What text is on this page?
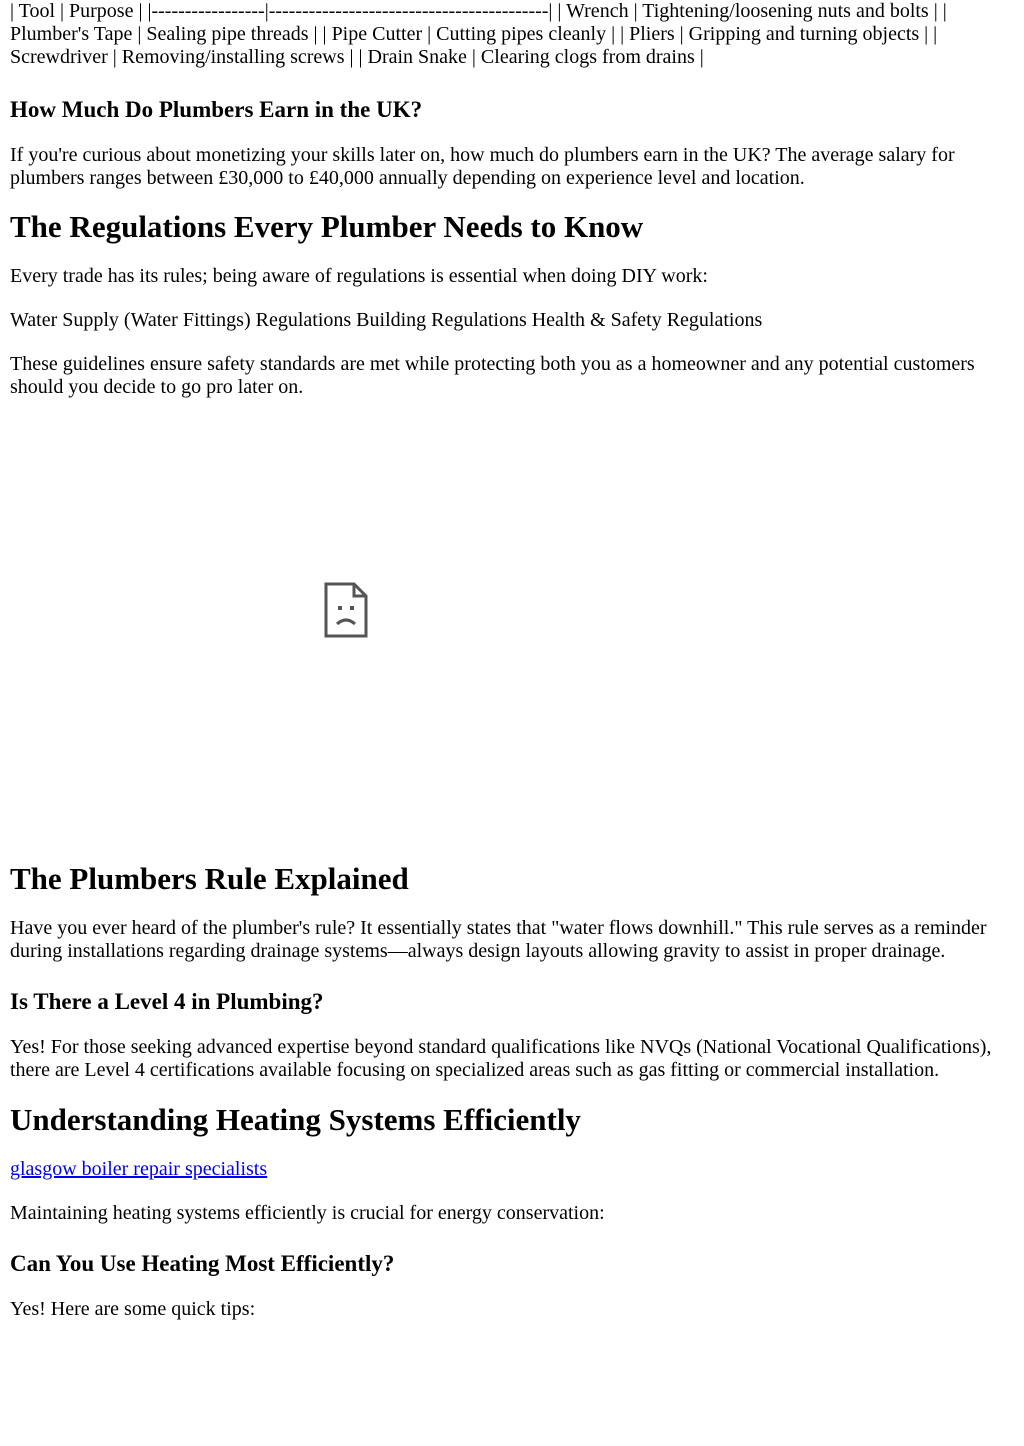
| Tool | Purpose | |-----------------|------------------------------------------| | Wrench | Tightening/loosening nuts and bolts | | Plumber's Tape | Sealing pipe threads | | Pipe Cutter | Cutting pipes cleanly | | Pliers | Gripping and turning objects | | Screwdriver | Removing/installing screws | | Drain Snake | Clearing clogs from drains |

How Much Do Plumbers Earn in the UK?

If you're curious about monetizing your skills later on, how much do plumbers earn in the UK? The average salary for plumbers ranges between £30,000 to £40,000 annually depending on experience level and location.

The Regulations Every Plumber Needs to Know

Every trade has its rules; being aware of regulations is essential when doing DIY work:

Water Supply (Water Fittings) Regulations Building Regulations Health & Safety Regulations

These guidelines ensure safety standards are met while protecting both you as a homeowner and any potential customers should you decide to go pro later on.

The Plumbers Rule Explained

Have you ever heard of the plumber's rule? It essentially states that "water flows downhill." This rule serves as a reminder during installations regarding drainage systems—always design layouts allowing gravity to assist in proper drainage.

Is There a Level 4 in Plumbing?

Yes! For those seeking advanced expertise beyond standard qualifications like NVQs (National Vocational Qualifications), there are Level 4 certifications available focusing on specialized areas such as gas fitting or commercial installation.

Understanding Heating Systems Efficiently

glasgow boiler repair specialists

Maintaining heating systems efficiently is crucial for energy conservation:

Can You Use Heating Most Efficiently?

Yes! Here are some quick tips:
